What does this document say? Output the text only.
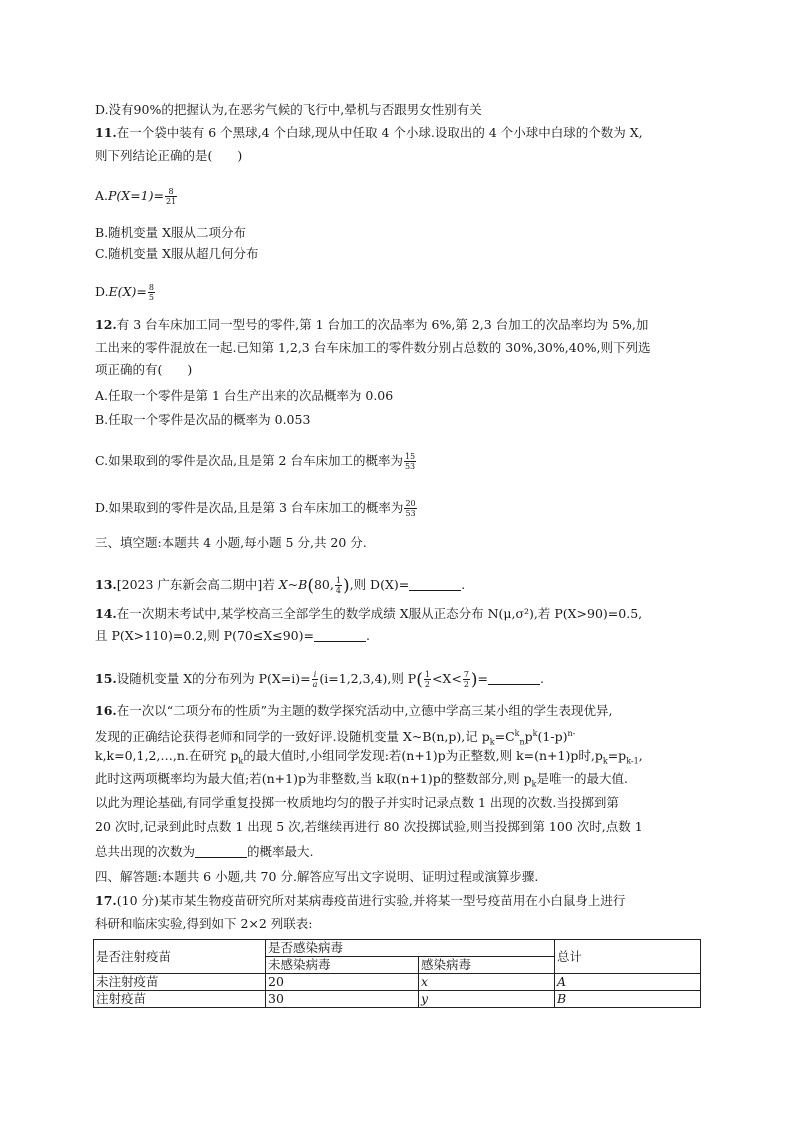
D.没有90%的把握认为,在恶劣气候的飞行中,晕机与否跟男女性别有关
11.在一个袋中装有 6 个黑球,4 个白球,现从中任取 4 个小球.设取出的 4 个小球中白球的个数为 X,
则下列结论正确的是(　　)
$A.P(X=1)= \frac{8}{21}$
B.随机变量 X服从二项分布
C.随机变量 X服从超几何分布
$D.E(X)= \frac{8}{5}$
12.有 3 台车床加工同一型号的零件,第 1 台加工的次品率为 6%,第 2,3 台加工的次品率均为 5%,加
工出来的零件混放在一起.已知第 1,2,3 台车床加工的零件数分别占总数的 30%,30%,40%,则下列选
项正确的有(　　)
A.任取一个零件是第 1 台生产出来的次品概率为 0.06
B.任取一个零件是次品的概率为 0.053
C.如果取到的零件是次品,且是第 2 台车床加工的概率为 $\frac{15}{53}$
D.如果取到的零件是次品,且是第 3 台车床加工的概率为 $\frac{20}{53}$
三、填空题:本题共 4 小题,每小题 5 分,共 20 分.
13.[2023 广东新会高二期中]若 X~B(80, $\frac{1}{4}$ ),则 D(X)=	.
14.在一次期末考试中,某学校高三全部学生的数学成绩 X服从正态分布 N(μ,σ²),若 P(X>90)=0.5,
且 P(X>110)=0.2,则 P(70≤X≤90)=	.
15.设随机变量 X的分布列为 $P(X=i)= \frac{i}{a} (i=1,2,3,4)$,则 $P( \frac{1}{2} <X< \frac{7}{2}$ )=	.
16.在一次以“二项分布的性质”为主题的数学探究活动中,立德中学高三某小组的学生表现优异,
发现的正确结论获得老师和同学的一致好评.设随机变量 X~B(n,p),记 $p_k=C^k_np^k(1-p)^{n-}$
k,k=0,1,2,…,n.在研究 $p_k$的最大值时,小组同学发现:若(n+1)p为正整数,则 k=(n+1)p时$,p_k=p_{k-1}$,
此时这两项概率均为最大值;若(n+1)p为非整数,当 k取(n+1)p的整数部分,则 $p_k$是唯一的最大值.
以此为理论基础,有同学重复投掷一枚质地均匀的骰子并实时记录点数 1 出现的次数.当投掷到第
20 次时,记录到此时点数 1 出现 5 次,若继续再进行 80 次投掷试验,则当投掷到第 100 次时,点数 1
总共出现的次数为	的概率最大.
四、解答题:本题共 6 小题,共 70 分.解答应写出文字说明、证明过程或演算步骤.
17.(10 分)某市某生物疫苗研究所对某病毒疫苗进行实验,并将某一型号疫苗用在小白鼠身上进行
科研和临床实验,得到如下 2×2 列联表:
是否注射疫苗	是否感染病毒		总计
	未感染病毒	感染病毒	
未注射疫苗	20	x	A
注射疫苗	30	y	B
